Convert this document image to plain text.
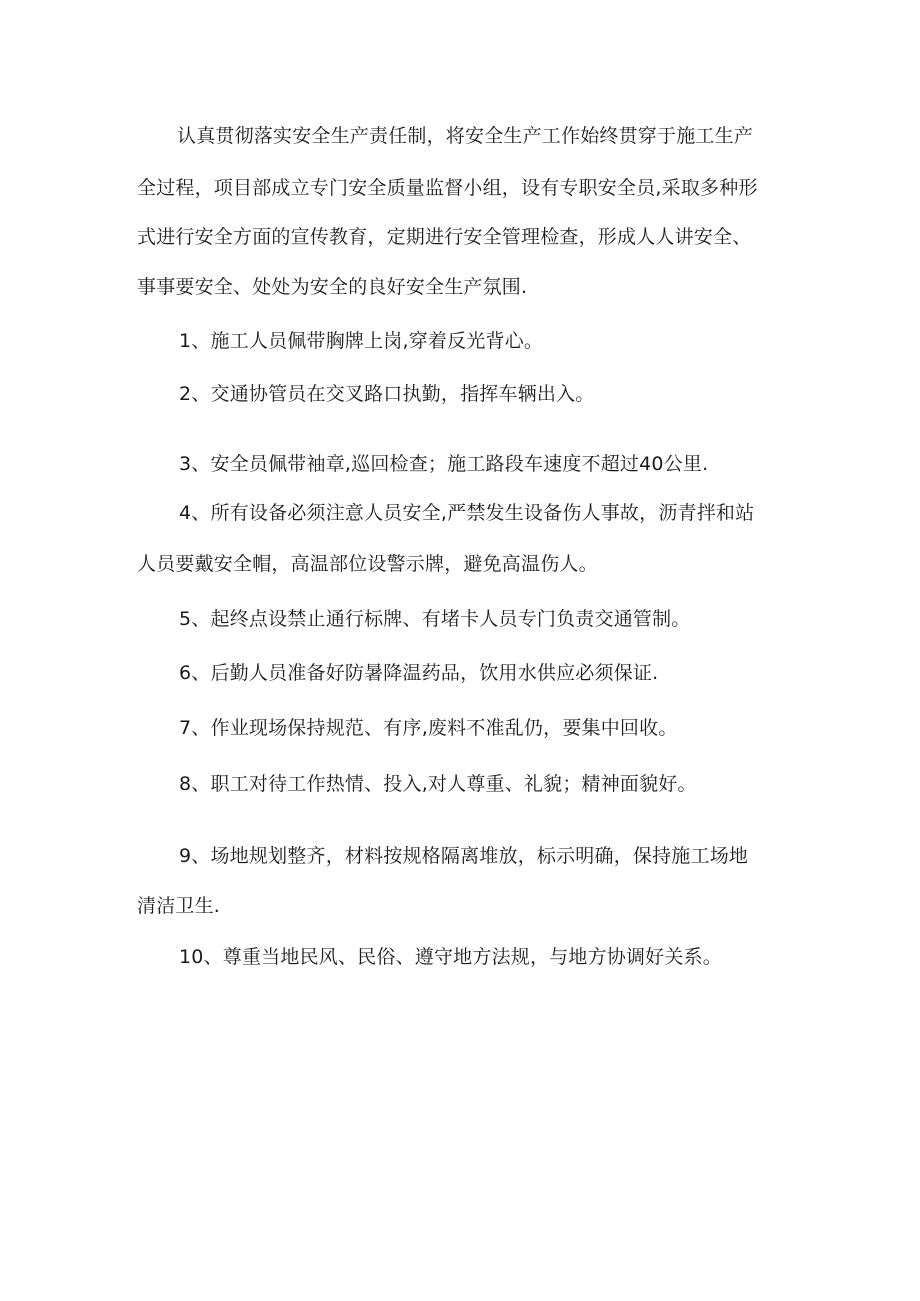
认真贯彻落实安全生产责任制，将安全生产工作始终贯穿于施工生产
全过程，项目部成立专门安全质量监督小组，设有专职安全员,采取多种形
式进行安全方面的宣传教育，定期进行安全管理检查，形成人人讲安全、
事事要安全、处处为安全的良好安全生产氛围.
1、施工人员佩带胸牌上岗,穿着反光背心。
2、交通协管员在交叉路口执勤，指挥车辆出入。
3、安全员佩带袖章,巡回检查；施工路段车速度不超过40公里.
4、所有设备必须注意人员安全,严禁发生设备伤人事故，沥青拌和站
人员要戴安全帽，高温部位设警示牌，避免高温伤人。
5、起终点设禁止通行标牌、有堵卡人员专门负责交通管制。
6、后勤人员准备好防暑降温药品，饮用水供应必须保证.
7、作业现场保持规范、有序,废料不准乱仍，要集中回收。
8、职工对待工作热情、投入,对人尊重、礼貌；精神面貌好。
9、场地规划整齐，材料按规格隔离堆放，标示明确，保持施工场地
清洁卫生.
10、尊重当地民风、民俗、遵守地方法规，与地方协调好关系。
